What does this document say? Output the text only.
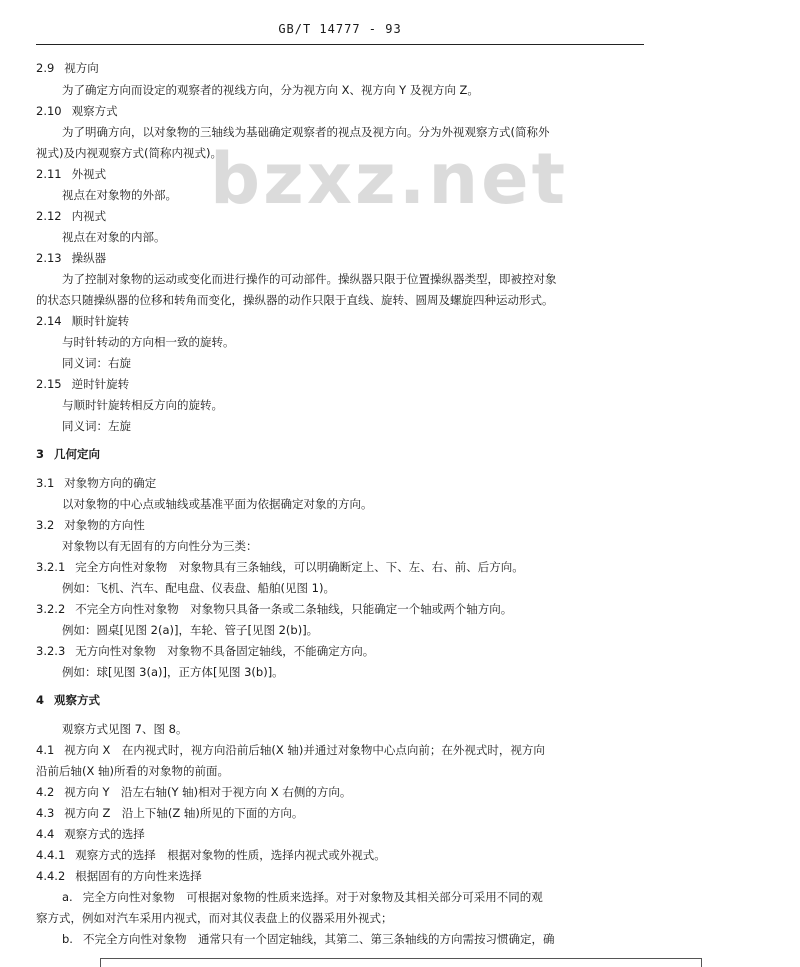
GB/T 14777 - 93
bzxz.net
2.9 视方向
为了确定方向而设定的观察者的视线方向，分为视方向 X、视方向 Y 及视方向 Z。
2.10 观察方式
为了明确方向，以对象物的三轴线为基础确定观察者的视点及视方向。分为外视观察方式(简称外
视式)及内视观察方式(简称内视式)。
2.11 外视式
视点在对象物的外部。
2.12 内视式
视点在对象的内部。
2.13 操纵器
为了控制对象物的运动或变化而进行操作的可动部件。操纵器只限于位置操纵器类型，即被控对象
的状态只随操纵器的位移和转角而变化，操纵器的动作只限于直线、旋转、圆周及螺旋四种运动形式。
2.14 顺时针旋转
与时针转动的方向相一致的旋转。
同义词：右旋
2.15 逆时针旋转
与顺时针旋转相反方向的旋转。
同义词：左旋
3 几何定向
3.1 对象物方向的确定
以对象物的中心点或轴线或基准平面为依据确定对象的方向。
3.2 对象物的方向性
对象物以有无固有的方向性分为三类：
3.2.1 完全方向性对象物　对象物具有三条轴线，可以明确断定上、下、左、右、前、后方向。
例如：飞机、汽车、配电盘、仪表盘、船舶(见图 1)。
3.2.2 不完全方向性对象物　对象物只具备一条或二条轴线，只能确定一个轴或两个轴方向。
例如：圆桌[见图 2(a)]，车轮、管子[见图 2(b)]。
3.2.3 无方向性对象物　对象物不具备固定轴线，不能确定方向。
例如：球[见图 3(a)]，正方体[见图 3(b)]。
4 观察方式
观察方式见图 7、图 8。
4.1 视方向 X　在内视式时，视方向沿前后轴(X 轴)并通过对象物中心点向前；在外视式时，视方向
沿前后轴(X 轴)所看的对象物的前面。
4.2 视方向 Y　沿左右轴(Y 轴)相对于视方向 X 右侧的方向。
4.3 视方向 Z　沿上下轴(Z 轴)所见的下面的方向。
4.4 观察方式的选择
4.4.1 观察方式的选择　根据对象物的性质，选择内视式或外视式。
4.4.2 根据固有的方向性来选择
a. 完全方向性对象物　可根据对象物的性质来选择。对于对象物及其相关部分可采用不同的观
察方式，例如对汽车采用内视式，而对其仪表盘上的仪器采用外视式；
b. 不完全方向性对象物　通常只有一个固定轴线，其第二、第三条轴线的方向需按习惯确定，确
